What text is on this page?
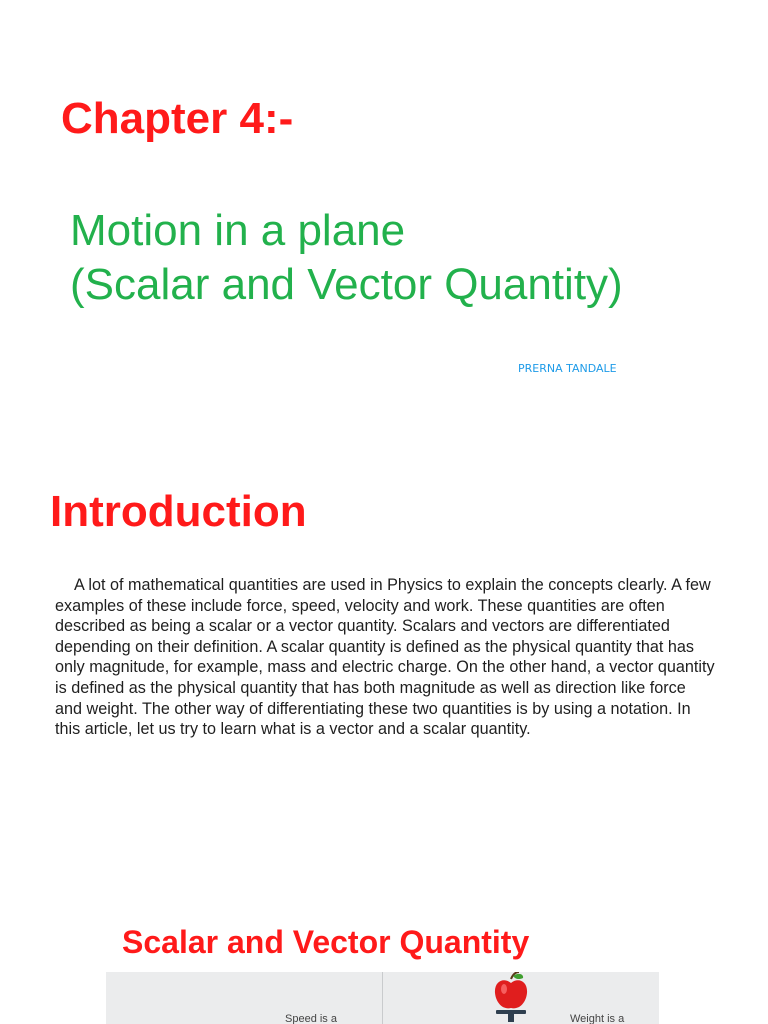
Chapter 4:-
Motion in a plane
(Scalar and Vector Quantity)
PRERNA TANDALE
Introduction

A lot of mathematical quantities are used in Physics to explain the concepts clearly. A few examples of these include force, speed, velocity and work. These quantities are often described as being a scalar or a vector quantity. Scalars and vectors are differentiated depending on their definition. A scalar quantity is defined as the physical quantity that has only magnitude, for example, mass and electric charge. On the other hand, a vector quantity is defined as the physical quantity that has both magnitude as well as direction like force and weight. The other way of differentiating these two quantities is by using a notation. In this article, let us try to learn what is a vector and a scalar quantity.

Scalar and Vector Quantity
Speed is a	Weight is a
